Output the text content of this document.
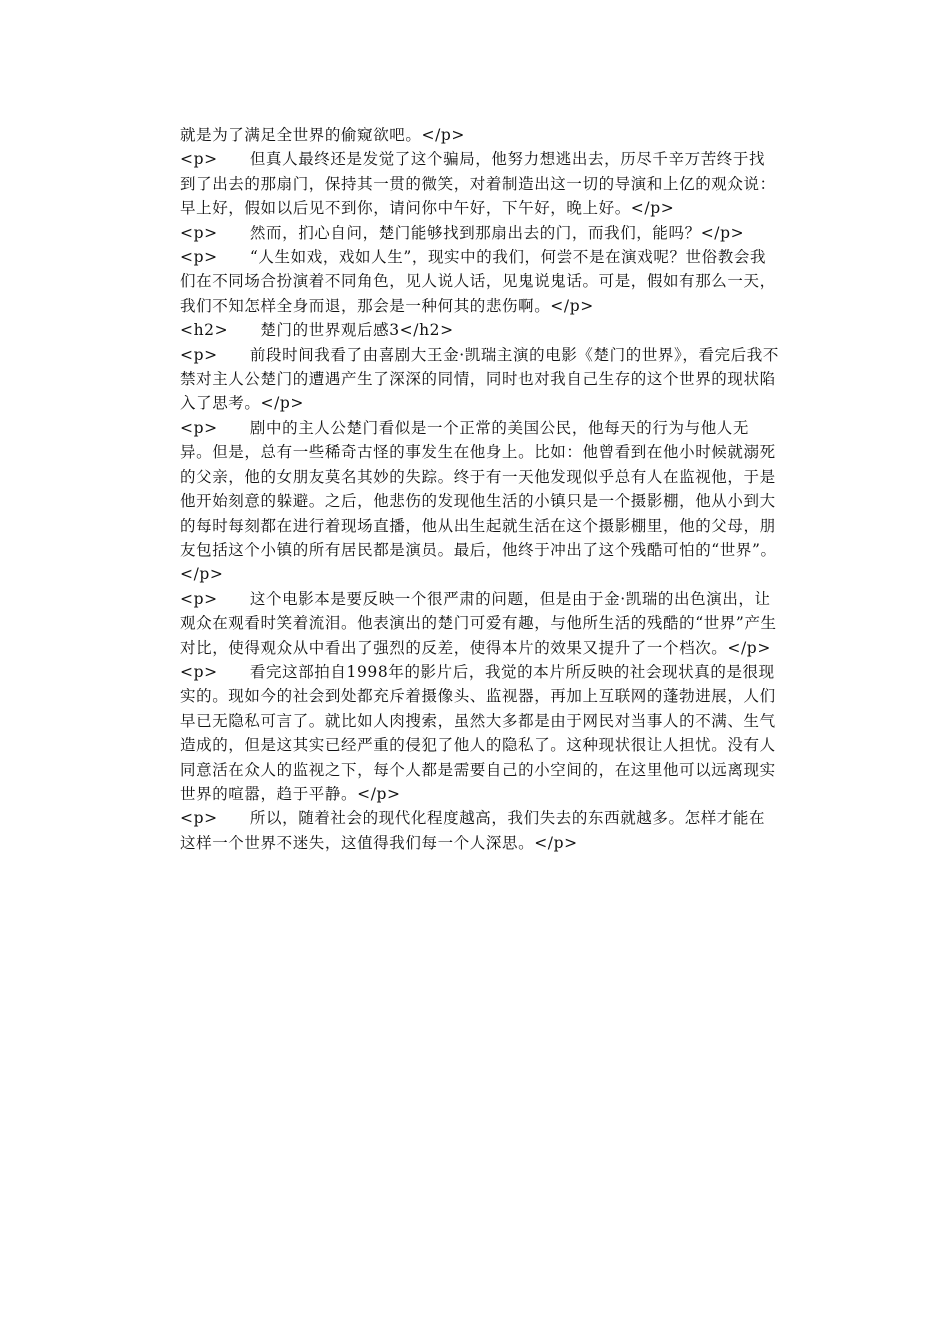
就是为了满足全世界的偷窥欲吧。</p>
<p>　　但真人最终还是发觉了这个骗局，他努力想逃出去，历尽千辛万苦终于找到了出去的那扇门，保持其一贯的微笑，对着制造出这一切的导演和上亿的观众说：早上好，假如以后见不到你，请问你中午好，下午好，晚上好。</p>
<p>　　然而，扪心自问，楚门能够找到那扇出去的门，而我们，能吗？</p>
<p>　　“人生如戏，戏如人生”，现实中的我们，何尝不是在演戏呢？世俗教会我们在不同场合扮演着不同角色，见人说人话，见鬼说鬼话。可是，假如有那么一天，我们不知怎样全身而退，那会是一种何其的悲伤啊。</p>
<h2>　　楚门的世界观后感3</h2>
<p>　　前段时间我看了由喜剧大王金·凯瑞主演的电影《楚门的世界》，看完后我不禁对主人公楚门的遭遇产生了深深的同情，同时也对我自己生存的这个世界的现状陷入了思考。</p>
<p>　　剧中的主人公楚门看似是一个正常的美国公民，他每天的行为与他人无异。但是，总有一些稀奇古怪的事发生在他身上。比如：他曾看到在他小时候就溺死的父亲，他的女朋友莫名其妙的失踪。终于有一天他发现似乎总有人在监视他，于是他开始刻意的躲避。之后，他悲伤的发现他生活的小镇只是一个摄影棚，他从小到大的每时每刻都在进行着现场直播，他从出生起就生活在这个摄影棚里，他的父母，朋友包括这个小镇的所有居民都是演员。最后，他终于冲出了这个残酷可怕的“世界”。</p>
<p>　　这个电影本是要反映一个很严肃的问题，但是由于金·凯瑞的出色演出，让观众在观看时笑着流泪。他表演出的楚门可爱有趣，与他所生活的残酷的“世界”产生对比，使得观众从中看出了强烈的反差，使得本片的效果又提升了一个档次。</p>
<p>　　看完这部拍自1998年的影片后，我觉的本片所反映的社会现状真的是很现实的。现如今的社会到处都充斥着摄像头、监视器，再加上互联网的蓬勃进展，人们早已无隐私可言了。就比如人肉搜索，虽然大多都是由于网民对当事人的不满、生气造成的，但是这其实已经严重的侵犯了他人的隐私了。这种现状很让人担忧。没有人同意活在众人的监视之下，每个人都是需要自己的小空间的，在这里他可以远离现实世界的喧嚣，趋于平静。</p>
<p>　　所以，随着社会的现代化程度越高，我们失去的东西就越多。怎样才能在这样一个世界不迷失，这值得我们每一个人深思。</p>
